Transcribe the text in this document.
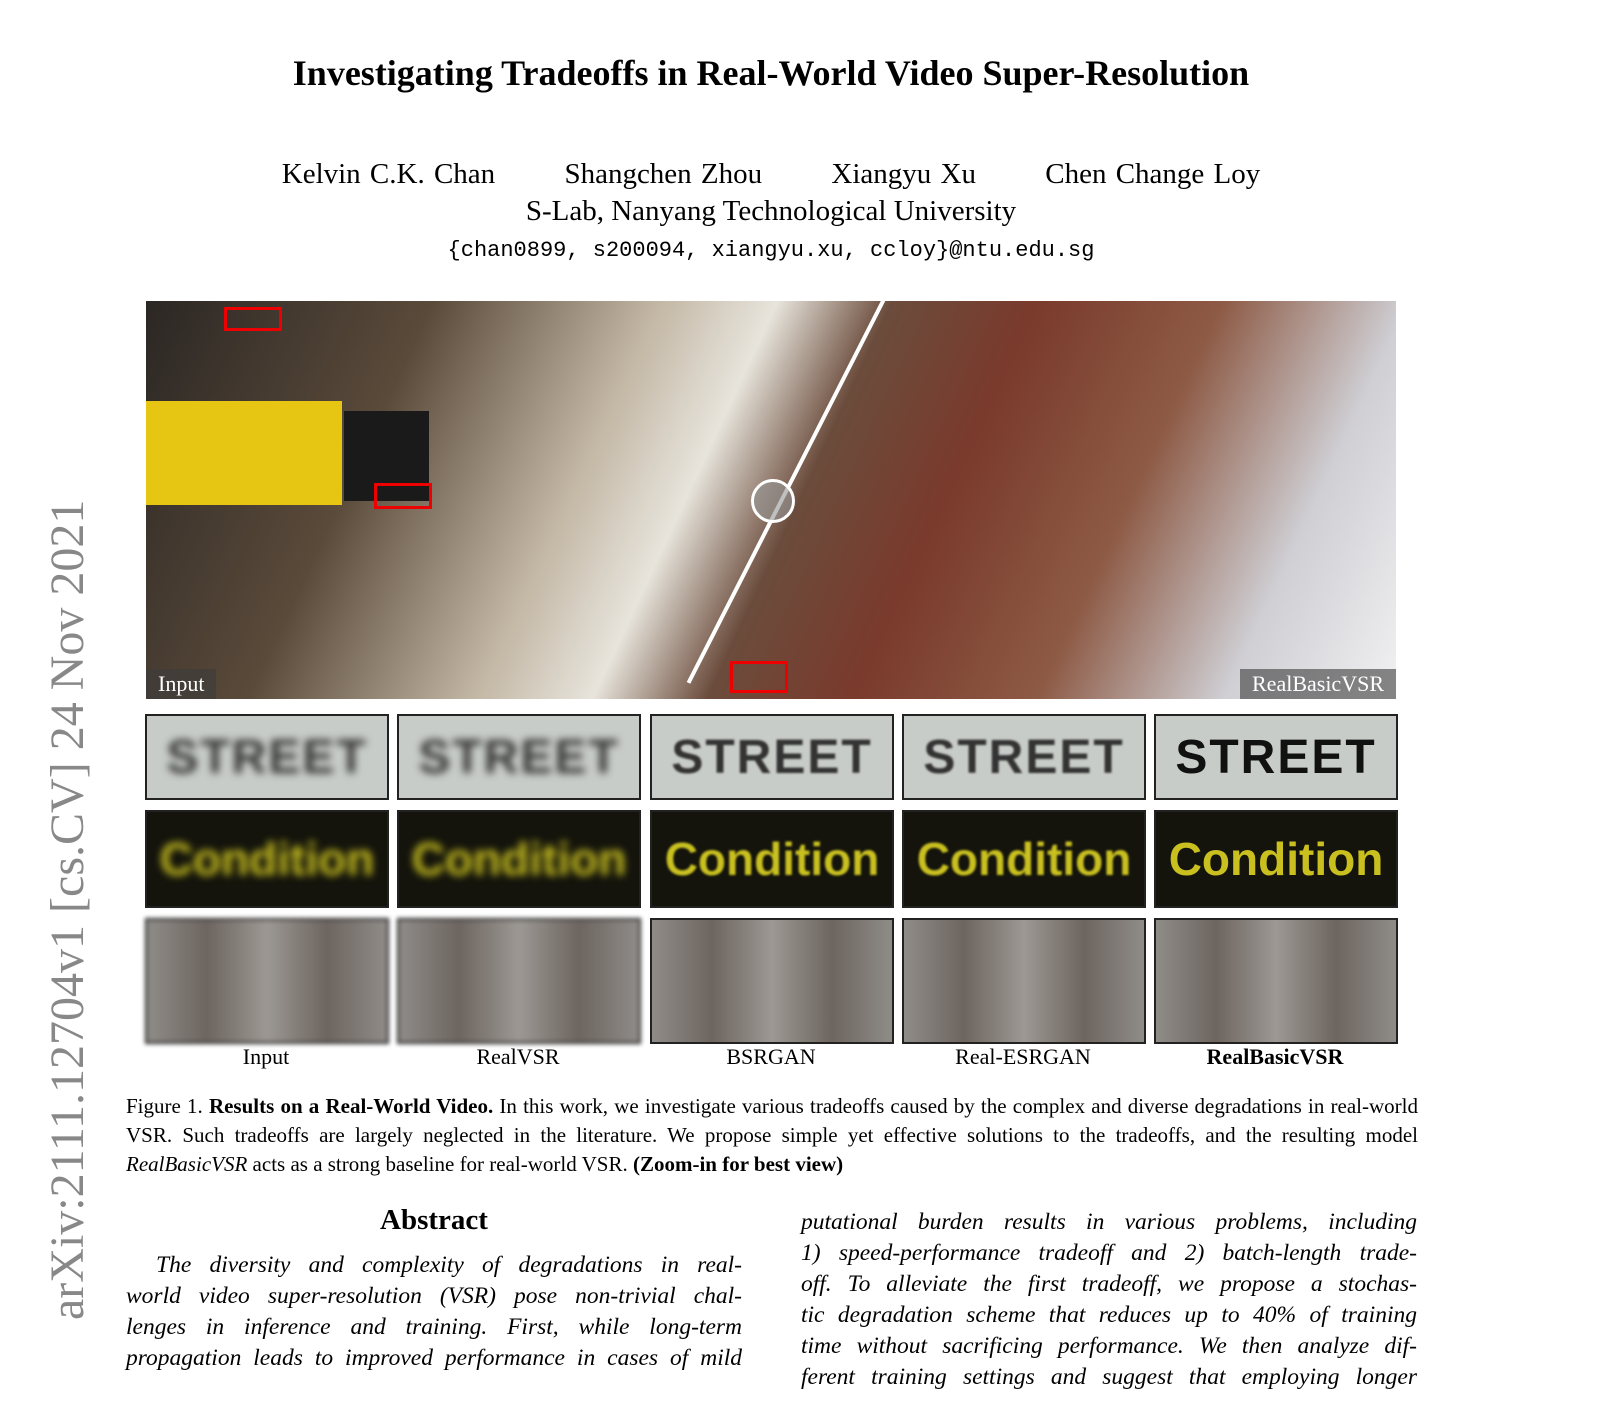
Investigating Tradeoffs in Real-World Video Super-Resolution
Kelvin C.K. Chan Shangchen Zhou Xiangyu Xu Chen Change Loy
S-Lab, Nanyang Technological University
{chan0899, s200094, xiangyu.xu, ccloy}@ntu.edu.sg
arXiv:2111.12704v1 [cs.CV] 24 Nov 2021	Input	RealBasicVSR
STREET STREET STREET STREET STREET
Condition Condition Condition Condition Condition
Input	RealVSR	BSRGAN	Real-ESRGAN	RealBasicVSR
Figure 1. Results on a Real-World Video. In this work, we investigate various tradeoffs caused by the complex and diverse degradations in real-world VSR. Such tradeoffs are largely neglected in the literature. We propose simple yet effective solutions to the tradeoffs, and the resulting model RealBasicVSR acts as a strong baseline for real-world VSR. (Zoom-in for best view)
Abstract
The diversity and complexity of degradations in real-
world video super-resolution (VSR) pose non-trivial chal-
lenges in inference and training. First, while long-term
propagation leads to improved performance in cases of mild
putational burden results in various problems, including
1) speed-performance tradeoff and 2) batch-length trade-
off. To alleviate the first tradeoff, we propose a stochas-
tic degradation scheme that reduces up to 40% of training
time without sacrificing performance. We then analyze dif-
ferent training settings and suggest that employing longer
